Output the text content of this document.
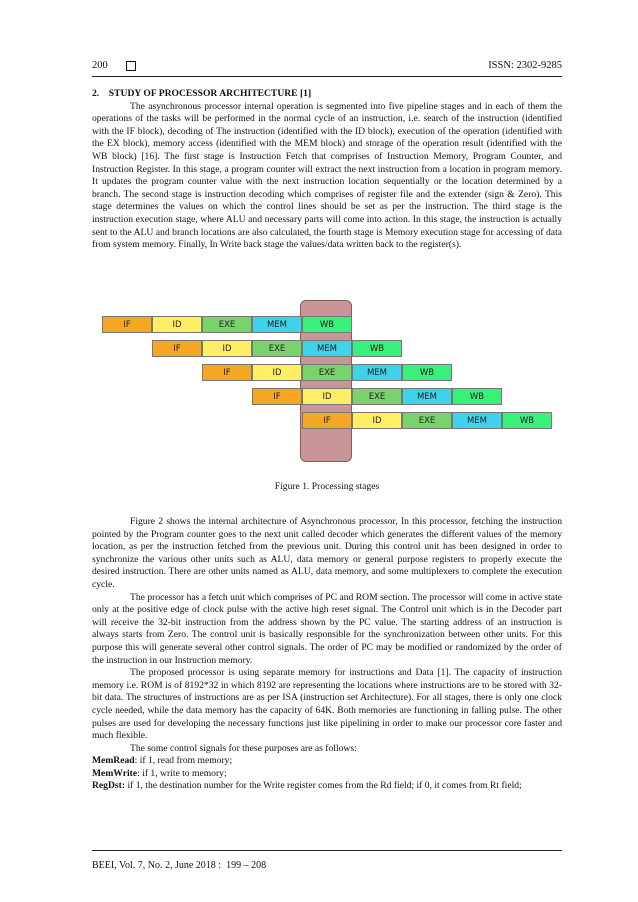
200	ISSN: 2302-9285

2.    STUDY OF PROCESSOR ARCHITECTURE [1]

The asynchronous processor internal operation is segmented into five pipeline stages and in each of them the operations of the tasks will be performed in the normal cycle of an instruction, i.e. search of the instruction (identified with the IF block), decoding of The instruction (identified with the ID block), execution of the operation (identified with the EX block), memory access (identified with the MEM block) and storage of the operation result (identified with the WB block) [16]. The first stage is Instruction Fetch that comprises of Instruction Memory, Program Counter, and Instruction Register. In this stage, a program counter will extract the next instruction from a location in program memory. It updates the program counter value with the next instruction location sequentially or the location determined by a branch. The second stage is instruction decoding which comprises of register file and the extender (sign & Zero). This stage determines the values on which the control lines should be set as per the instruction. The third stage is the instruction execution stage, where ALU and necessary parts will come into action. In this stage, the instruction is actually sent to the ALU and branch locations are also calculated, the fourth stage is Memory execution stage for accessing of data from system memory. Finally, In Write back stage the values/data written back to the register(s).

IF	ID	EXE	MEM	WB
IF	ID	EXE	MEM	WB
IF	ID	EXE	MEM	WB
IF	ID	EXE	MEM	WB
IF	ID	EXE	MEM	WB
Figure 1. Processing stages

Figure 2 shows the internal architecture of Asynchronous processor, In this processor, fetching the instruction pointed by the Program counter goes to the next unit called decoder which generates the different values of the memory location, as per the instruction fetched from the previous unit. During this control unit has been designed in order to synchronize the various other units such as ALU, data memory or general purpose registers to properly execute the desired instruction. There are other units named as ALU, data memory, and some multiplexers to complete the execution cycle.

The processor has a fetch unit which comprises of PC and ROM section. The processor will come in active state only at the positive edge of clock pulse with the active high reset signal. The Control unit which is in the Decoder part will receive the 32-bit instruction from the address shown by the PC value. The starting address of an instruction is always starts from Zero. The control unit is basically responsible for the synchronization between other units. For this purpose this will generate several other control signals. The order of PC may be modified or randomized by the order of the instruction in our Instruction memory.

The proposed processor is using separate memory for instructions and Data [1]. The capacity of instruction memory i.e. ROM is of 8192*32 in which 8192 are representing the locations where instructions are to be stored with 32-bit data. The structures of instructions are as per ISA (instruction set Architecture). For all stages, there is only one clock cycle needed, while the data memory has the capacity of 64K. Both memories are functioning in falling pulse. The other pulses are used for developing the necessary functions just like pipelining in order to make our processor core faster and much flexible.

The some control signals for these purposes are as follows:

MemRead: if 1, read from memory;

MemWrite: if 1, write to memory;

RegDst: if 1, the destination number for the Write register comes from the Rd field; if 0, it comes from Rt field;

BEEI, Vol. 7, No. 2, June 2018 :  199 – 208
